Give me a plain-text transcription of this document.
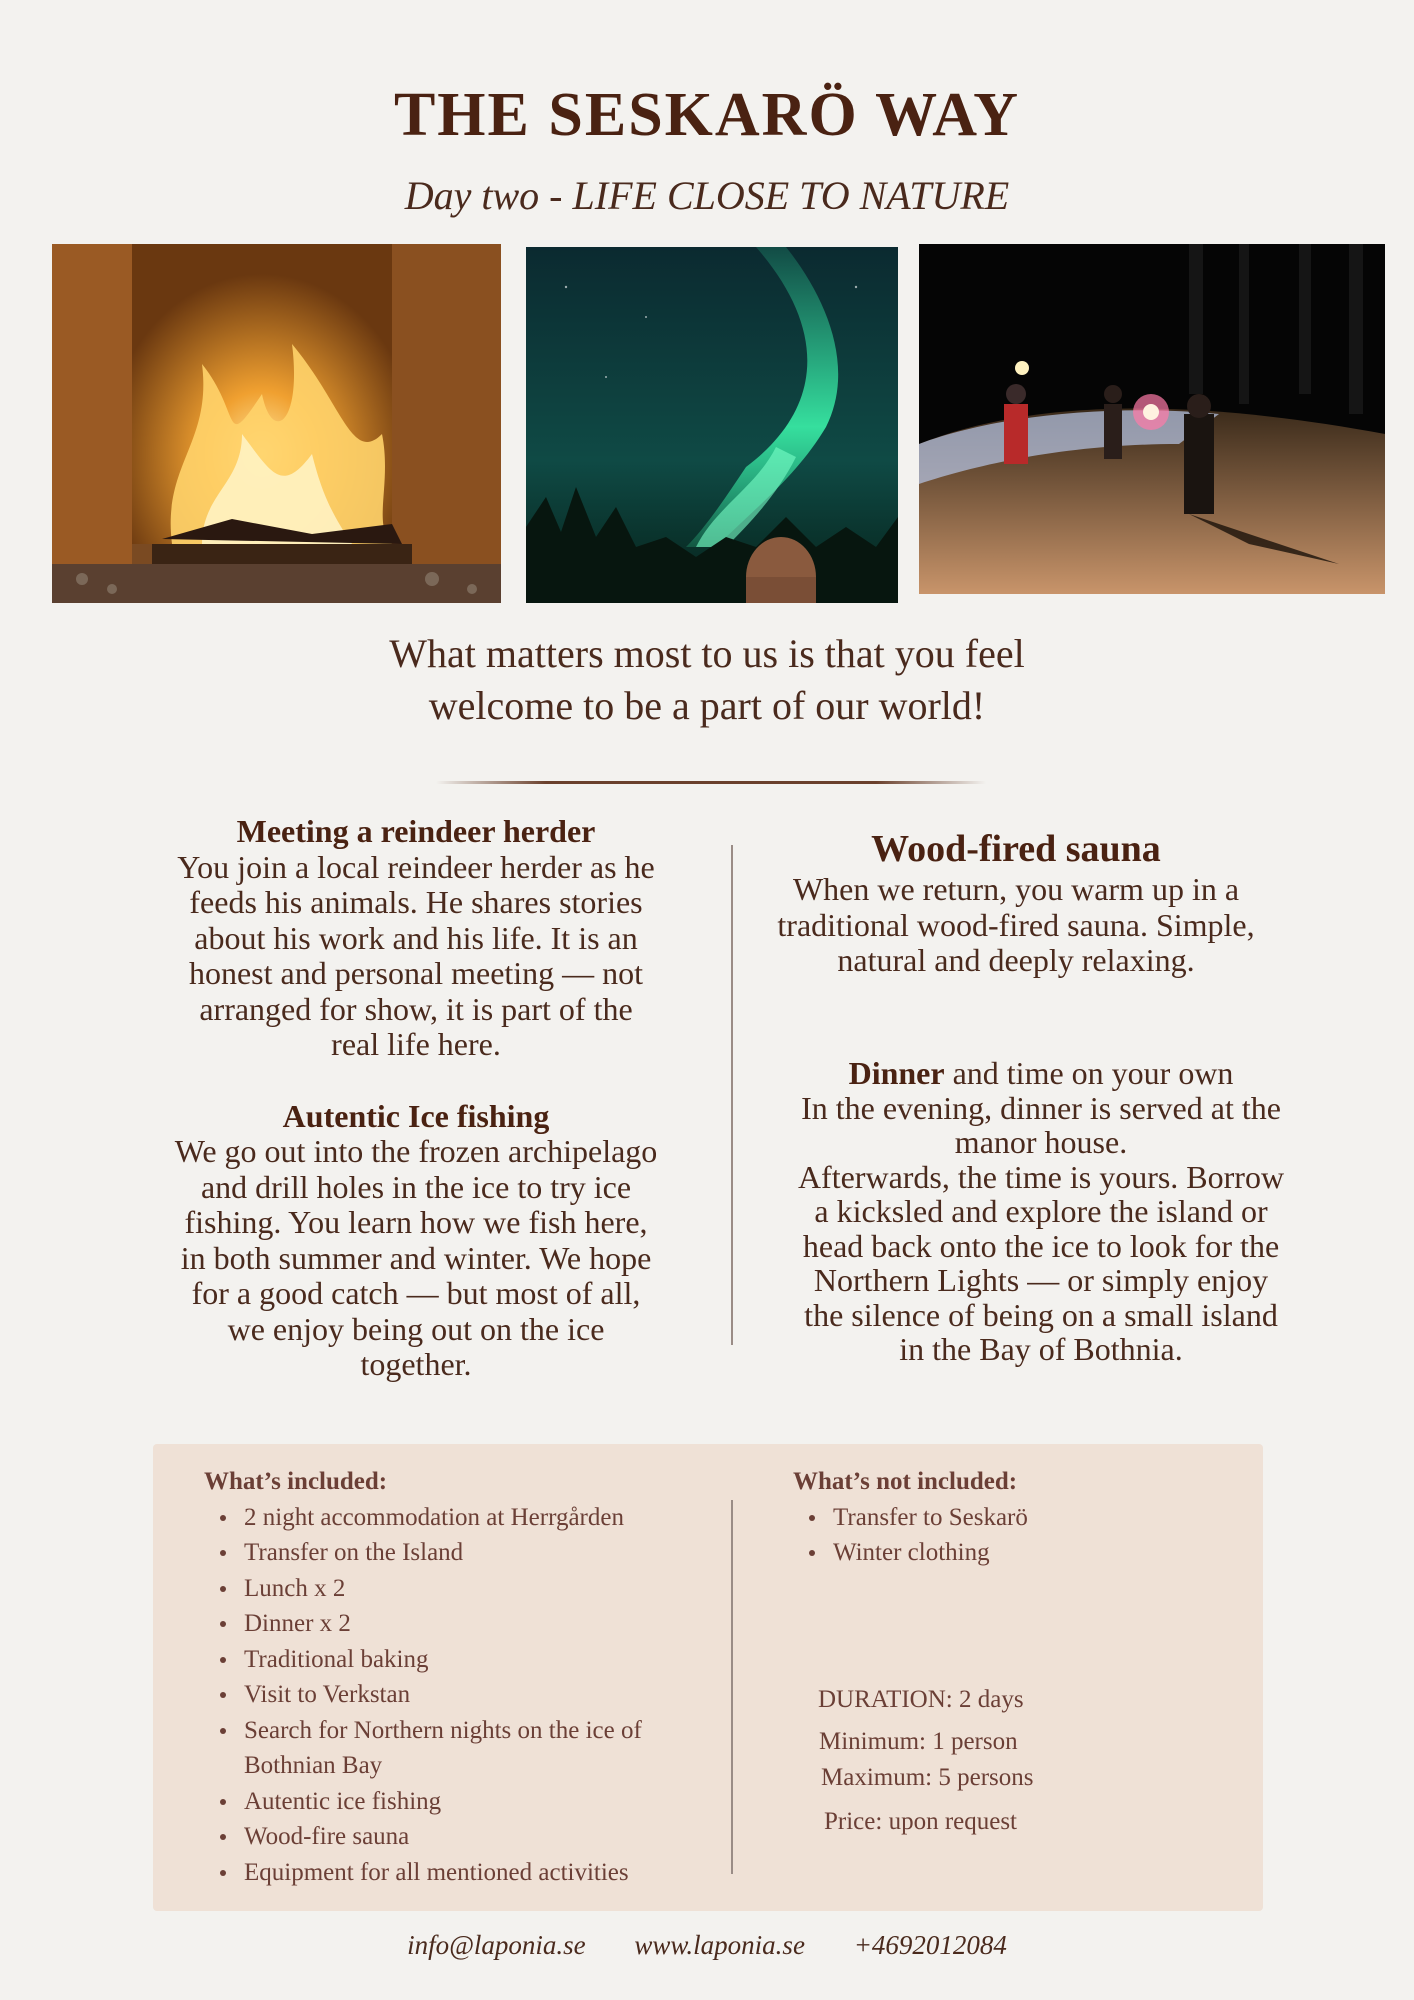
THE SESKARÖ WAY
Day two - LIFE CLOSE TO NATURE
What matters most to us is that you feel
welcome to be a part of our world!
Meeting a reindeer herder

You join a local reindeer herder as he
feeds his animals. He shares stories
about his work and his life. It is an
honest and personal meeting — not
arranged for show, it is part of the
real life here.

Autentic Ice fishing

We go out into the frozen archipelago
and drill holes in the ice to try ice
fishing. You learn how we fish here,
in both summer and winter. We hope
for a good catch — but most of all,
we enjoy being out on the ice
together.

Wood-fired sauna

When we return, you warm up in a
traditional wood-fired sauna. Simple,
natural and deeply relaxing.

Dinner and time on your own

In the evening, dinner is served at the
manor house.
Afterwards, the time is yours. Borrow
a kicksled and explore the island or
head back onto the ice to look for the
Northern Lights — or simply enjoy
the silence of being on a small island
in the Bay of Bothnia.

What’s included:
2 night accommodation at Herrgården
Transfer on the Island
Lunch x 2
Dinner x 2
Traditional baking
Visit to Verkstan
Search for Northern nights on the ice of Bothnian Bay
Autentic ice fishing
Wood-fire sauna
Equipment for all mentioned activities
What’s not included:
Transfer to Seskarö
Winter clothing
DURATION: 2 days
Minimum: 1 person
Maximum: 5 persons
Price: upon request
info@laponia.se www.laponia.se +4692012084
